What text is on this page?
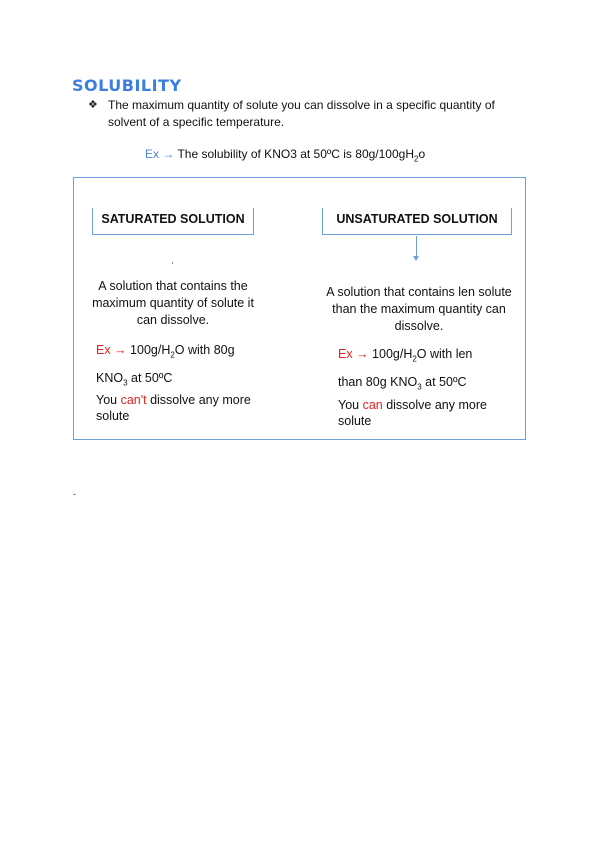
SOLUBILITY
❖ The maximum quantity of solute you can dissolve in a specific quantity of solvent of a specific temperature.
Ex → The solubility of KNO3 at 50ºC is $80g/100gH_2o$
SATURATED SOLUTION
A solution that contains the maximum quantity of solute it can dissolve.
$Ex \to 100g/H_2O$ with 80g
$KNO_3$ at 50ºC
You can't dissolve any more solute
UNSATURATED SOLUTION
A solution that contains len solute than the maximum quantity can dissolve.
$Ex \to 100g/H_2O$ with len
than 80g $KNO_3$ at 50ºC
You can dissolve any more solute
-
